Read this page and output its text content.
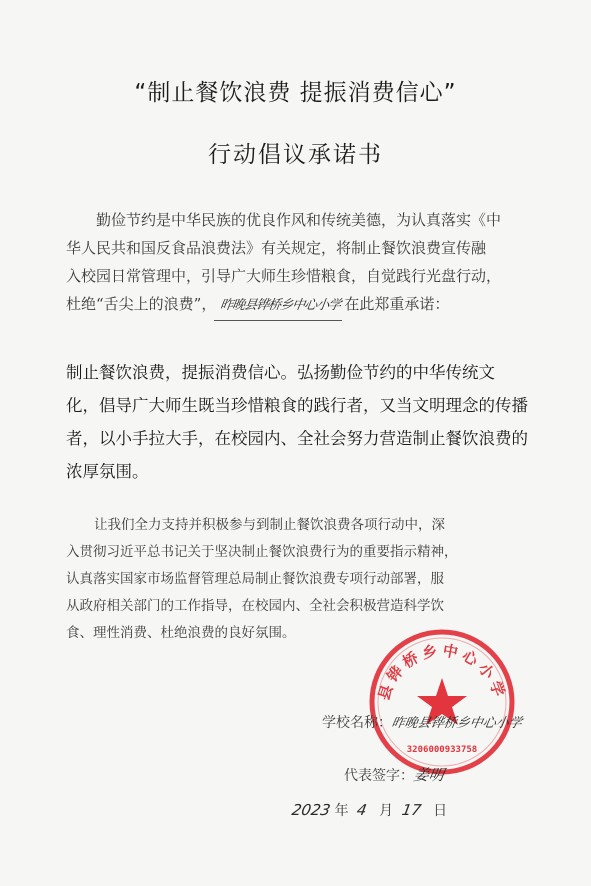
“制止餐饮浪费 提振消费信心”
行动倡议承诺书
勤俭节约是中华民族的优良作风和传统美德，为认真落实《中
华人民共和国反食品浪费法》有关规定，将制止餐饮浪费宣传融
入校园日常管理中，引导广大师生珍惜粮食，自觉践行光盘行动，
杜绝“舌尖上的浪费”， 昨晚县铧桥乡中心小学 在此郑重承诺：
制止餐饮浪费，提振消费信心。弘扬勤俭节约的中华传统文
化，倡导广大师生既当珍惜粮食的践行者，又当文明理念的传播
者，以小手拉大手，在校园内、全社会努力营造制止餐饮浪费的
浓厚氛围。
让我们全力支持并积极参与到制止餐饮浪费各项行动中，深
入贯彻习近平总书记关于坚决制止餐饮浪费行为的重要指示精神，
认真落实国家市场监督管理总局制止餐饮浪费专项行动部署，服
从政府相关部门的工作指导，在校园内、全社会积极营造科学饮
食、理性消费、杜绝浪费的良好氛围。
县铧桥乡中心小学
3206000933758
学校名称：昨晚县铧桥乡中心小学
代表签字：姜明
2023 年 4 月 17 日
